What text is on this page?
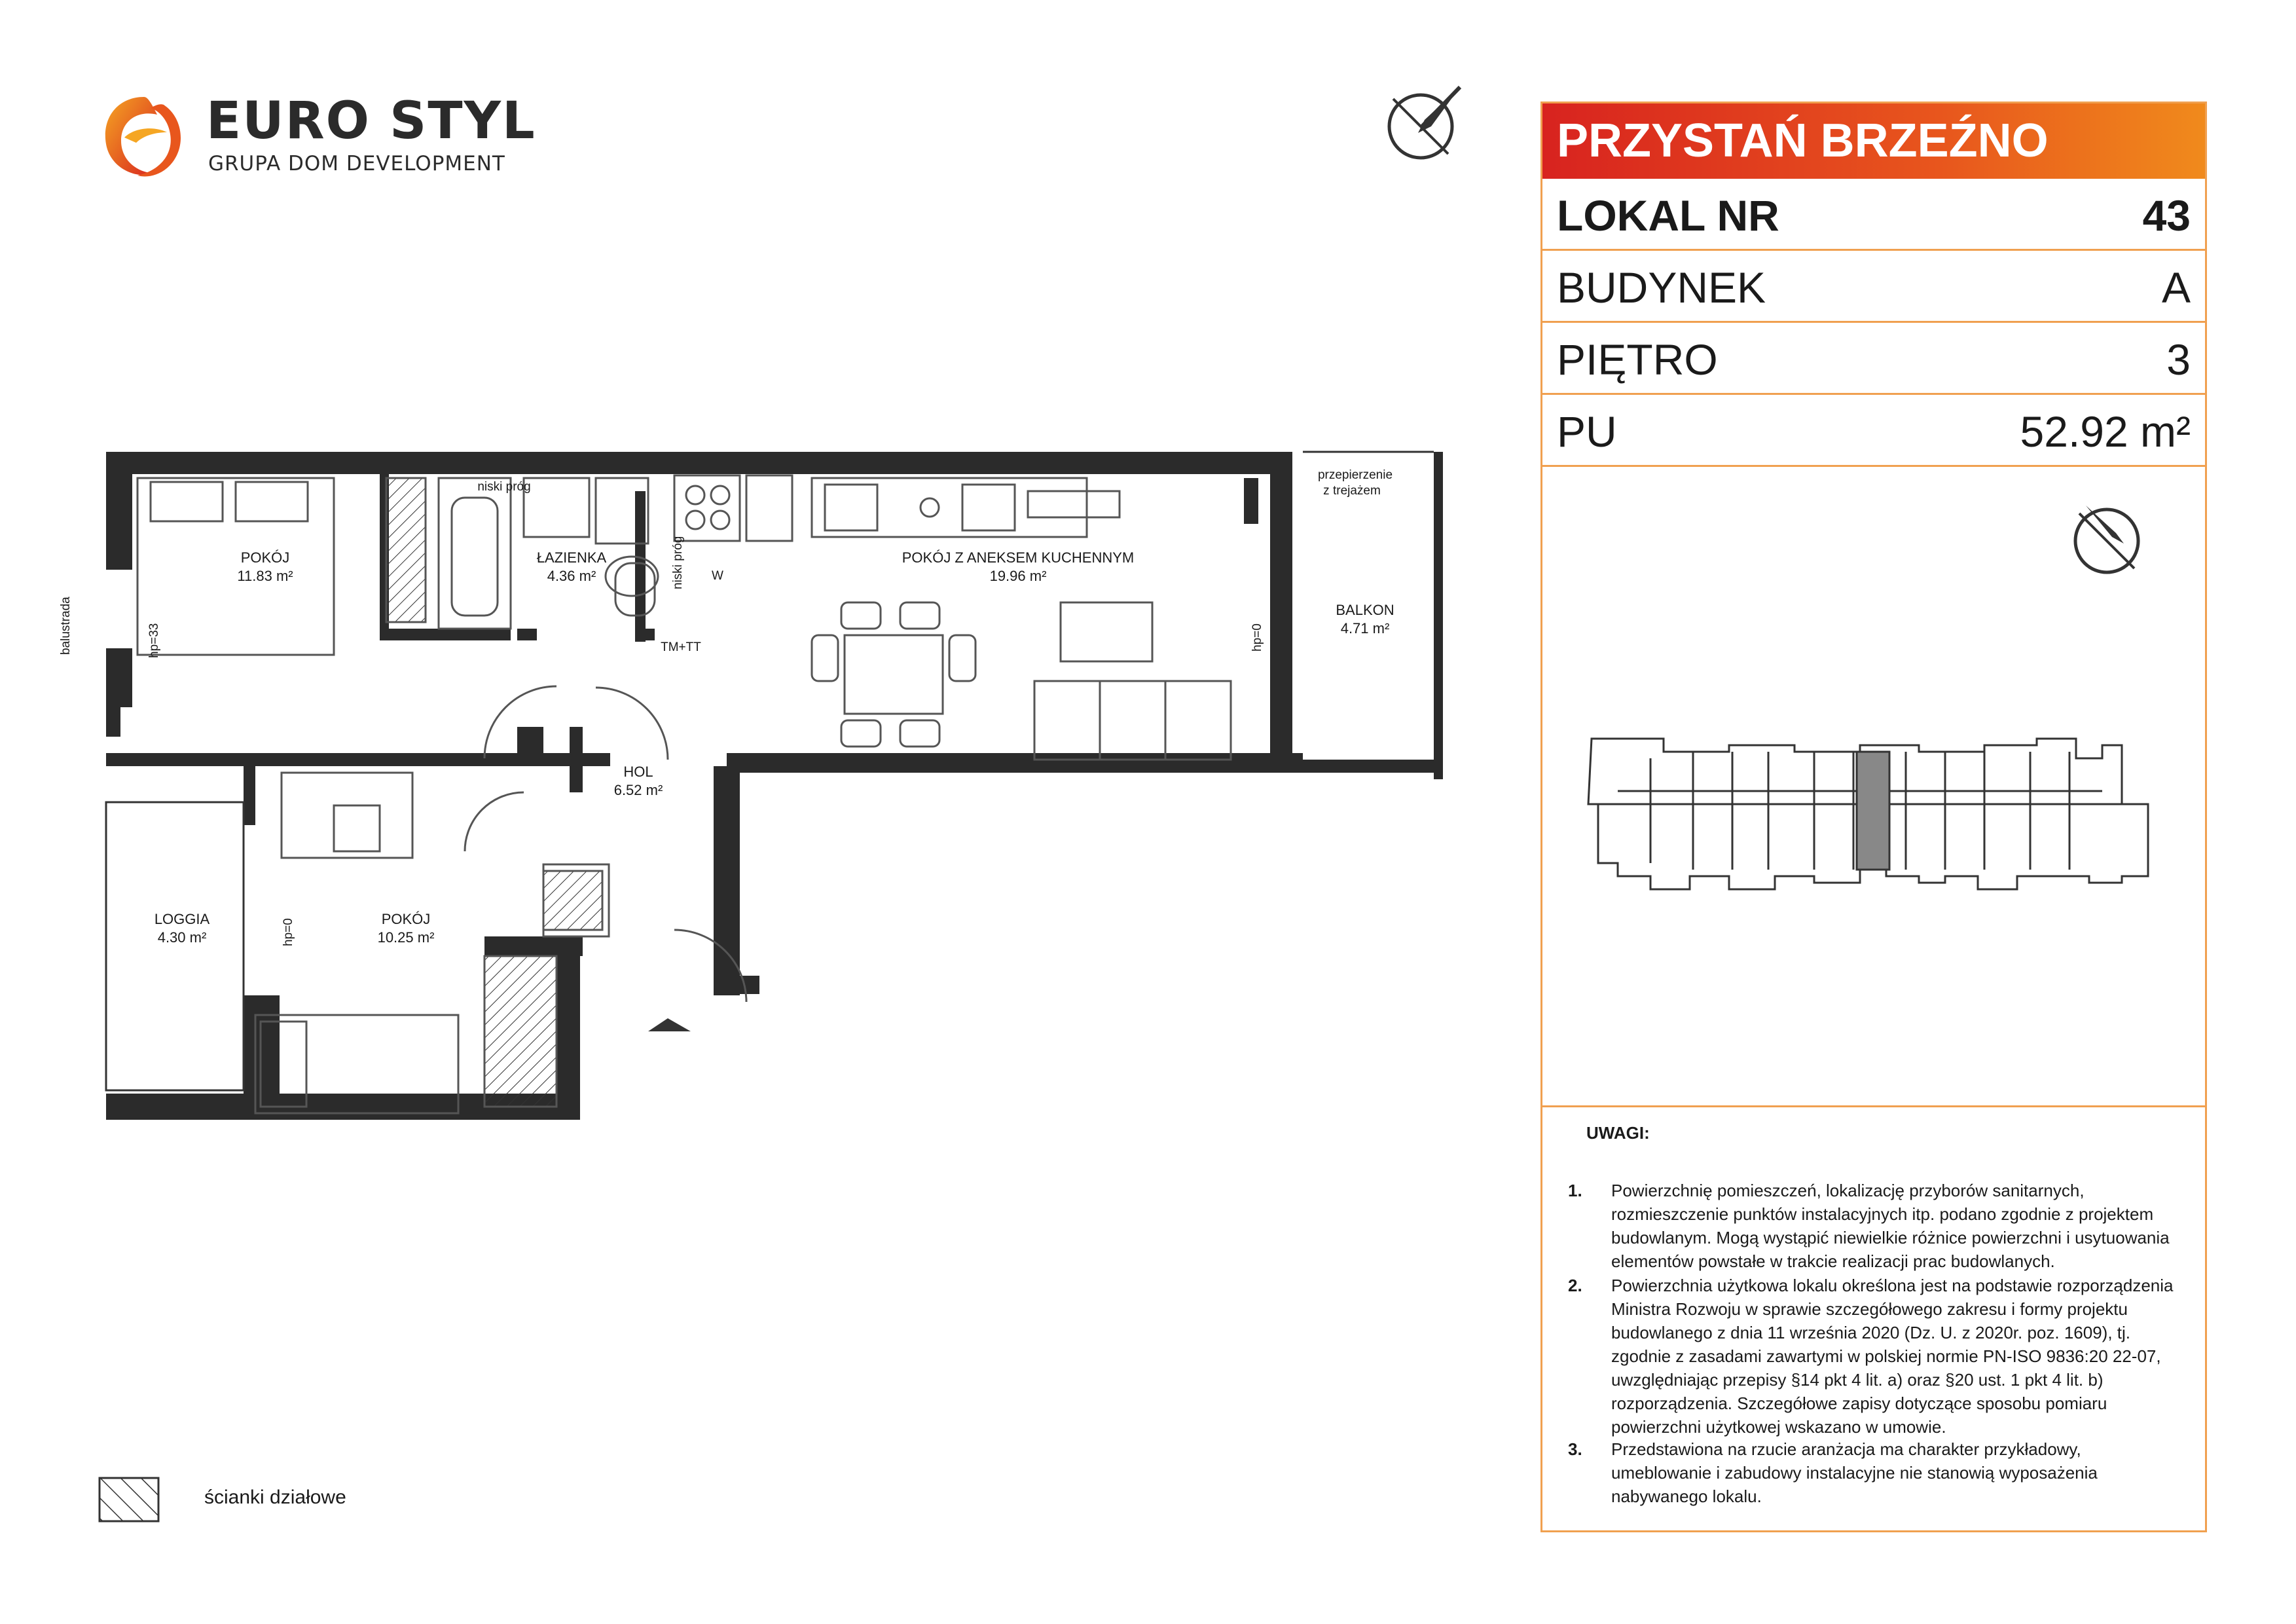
EURO STYL
GRUPA DOM DEVELOPMENT
POKÓJ
11.83 m²
ŁAZIENKA
4.36 m²
POKÓJ Z ANEKSEM KUCHENNYM
19.96 m²
BALKON
4.71 m²
HOL
6.52 m²
LOGGIA
4.30 m²
POKÓJ
10.25 m²
niski próg
niski próg
przepierzenie
z trejażem
balustrada	hp=33	hp=0
hp=0
TM+TT
W
PRZYSTAŃ BRZEŹNO
LOKAL NR	43
BUDYNEK	A
PIĘTRO	3
PU	52.92 m²
UWAGI:
1. Powierzchnię pomieszczeń, lokalizację przyborów sanitarnych, rozmieszczenie punktów instalacyjnych itp. podano zgodnie z projektem budowlanym. Mogą wystąpić niewielkie różnice powierzchni i usytuowania elementów powstałe w trakcie realizacji prac budowlanych.
2. Powierzchnia użytkowa lokalu określona jest na podstawie rozporządzenia Ministra Rozwoju w sprawie szczegółowego zakresu i formy projektu budowlanego z dnia 11 września 2020 (Dz. U. z 2020r. poz. 1609), tj. zgodnie z zasadami zawartymi w polskiej normie PN-ISO 9836:20 22-07, uwzględniając przepisy §14 pkt 4 lit. a) oraz §20 ust. 1 pkt 4 lit. b) rozporządzenia. Szczegółowe zapisy dotyczące sposobu pomiaru powierzchni użytkowej wskazano w umowie.
3. Przedstawiona na rzucie aranżacja ma charakter przykładowy, umeblowanie i zabudowy instalacyjne nie stanowią wyposażenia nabywanego lokalu.
ścianki działowe
